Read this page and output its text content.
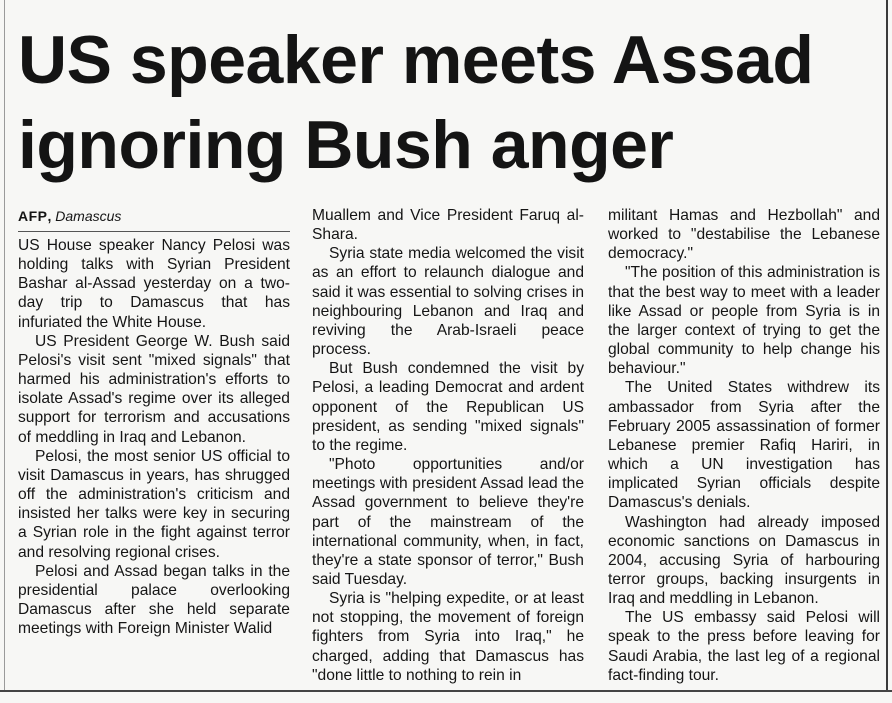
US speaker meets Assad
ignoring Bush anger
AFP, Damascus

US House speaker Nancy Pelosi was holding talks with Syrian President Bashar al-Assad yesterday on a two-day trip to Damascus that has infuriated the White House.

US President George W. Bush said Pelosi's visit sent "mixed signals" that harmed his administration's efforts to isolate Assad's regime over its alleged support for terrorism and accusations of meddling in Iraq and Lebanon.

Pelosi, the most senior US official to visit Damascus in years, has shrugged off the administration's criticism and insisted her talks were key in securing a Syrian role in the fight against terror and resolving regional crises.

Pelosi and Assad began talks in the presidential palace overlooking Damascus after she held separate meetings with Foreign Minister Walid

Muallem and Vice President Faruq al-Shara.

Syria state media welcomed the visit as an effort to relaunch dialogue and said it was essential to solving crises in neighbouring Lebanon and Iraq and reviving the Arab-Israeli peace process.

But Bush condemned the visit by Pelosi, a leading Democrat and ardent opponent of the Republican US president, as sending "mixed signals" to the regime.

"Photo opportunities and/or meetings with president Assad lead the Assad government to believe they're part of the mainstream of the international community, when, in fact, they're a state sponsor of terror," Bush said Tuesday.

Syria is "helping expedite, or at least not stopping, the movement of foreign fighters from Syria into Iraq," he charged, adding that Damascus has "done little to nothing to rein in

militant Hamas and Hezbollah" and worked to "destabilise the Lebanese democracy."

"The position of this administration is that the best way to meet with a leader like Assad or people from Syria is in the larger context of trying to get the global community to help change his behaviour."

The United States withdrew its ambassador from Syria after the February 2005 assassination of former Lebanese premier Rafiq Hariri, in which a UN investigation has implicated Syrian officials despite Damascus's denials.

Washington had already imposed economic sanctions on Damascus in 2004, accusing Syria of harbouring terror groups, backing insurgents in Iraq and meddling in Lebanon.

The US embassy said Pelosi will speak to the press before leaving for Saudi Arabia, the last leg of a regional fact-finding tour.
